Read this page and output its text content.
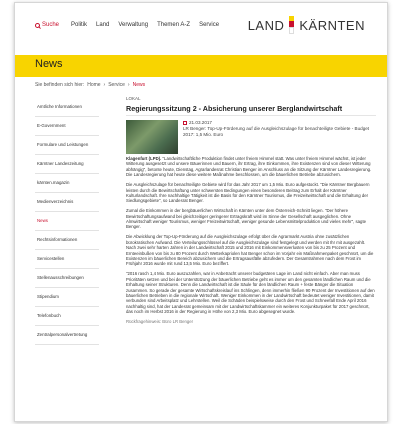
Suche Politik Land Verwaltung Themen A-Z Service LAND KÄRNTEN
News
Sie befinden sich hier: Home › Service › News
Amtliche Informationen
E-Government
Formulare und Leistungen
Kärntner Landeszeitung
kärnten.magazin
Medienverzeichnis
News
Rechtsinformationen
Servicestellen
Stellenausschreibungen
Stipendium
Telefonbuch
Zentralpersonalvertretung
LOKAL
Regierungssitzung 2 - Absicherung unserer Berglandwirtschaft
21.03.2017
LR Benger: Top-Up-Förderung auf die Ausgleichszulage für benachteiligte Gebiete - Budget 2017: 1,5 Mio. Euro

Klagenfurt (LPD). "Landwirtschaftliche Produktion findet unter freiem Himmel statt. Was unter freiem Himmel wächst, ist jeder Witterung ausgesetzt und unsere Bäuerinnen und Bauern, ihr Ertrag, ihre Einkommen, ihre Existenzen sind von dieser Witterung abhängig", betonte heute, Dienstag, Agrarlandesrat Christian Benger im Anschluss an die Sitzung der Kärntner Landesregierung. Die Landesregierung hat heute diese weitere Maßnahme beschlossen, um die bäuerlichen Betriebe abzusichern.

Die Ausgleichszulage für benachteiligte Gebiete wird für das Jahr 2017 um 1,5 Mio. Euro aufgestockt. "Die Kärntner Bergbauern leisten durch die Bewirtschaftung unter schwersten Bedingungen einen besonderen Beitrag zum Erhalt der Kärntner Kulturlandschaft. Ihre nachhaltige Tätigkeit ist die Basis für den Kärntner Tourismus, die Freizeitwirtschaft und die Erhaltung der Siedlungsgebiete", so Landesrat Benger.

Zumal die Einkommen in der bergbäuerlichen Wirtschaft in Kärnten unter dem Österreich-Schnitt liegen. "Der höhere Bewirtschaftungsaufwand bei gleichzeitiger geringerer Ertragskraft wird im Sinne der Gesellschaft ausgeglichen. Ohne Almwirtschaft weniger Tourismus, weniger Freizeitwirtschaft, weniger gesunde Lebensmittelproduktion und vieles mehr", sagte Benger.

Die Abwicklung der Top-Up-Förderung auf die Ausgleichszulage erfolgt über die Agrarmarkt Austria ohne zusätzlichen bürokratischen Aufwand. Die Verteilungsschlüssel auf die Ausgleichszulage sind festgelegt und werden mit Ihr mit ausgezahlt. Nach zwei sehr harten Jahren in der Landwirtschaft 2015 und 2016 mit Einkommensverlusten von bis zu 25 Prozent und Ernteeinbußen von bis zu 80 Prozent durch Wetterkapriolen hat Benger schon im Vorjahr ein Maßnahmenpaket geschnürt, um die Existenzen im bäuerlichen Bereich abzusichern und die Ertragsausfälle abzufedern. Der Gesamtrahmen nach dem Frost im Frühjahr 2016 wurde mit rund 13,5 Mio. Euro beziffert.

"2016 rasch 1,4 Mio. Euro auszuzahlen, war in Anbetracht unserer budgetären Lage im Land nicht einfach. Aber man muss Prioritäten setzen und bei der Unterstützung der bäuerlichen Betriebe geht es immer um den gesamten ländlichen Raum und die Erhaltung seiner Strukturen. Denn die Landwirtschaft ist die Säule für den ländlichen Raum + feste Bänger die Situation zusammen. So gerade der gesamte Wirtschaftskreislauf ins Schlingen, denn immerhin fließen 90 Prozent der Investitionen auf den bäuerlichen Betrieben in die regionale Wirtschaft. Weniger Einkommen in der Landwirtschaft bedeutet weniger Investitionen, damit verbunden sind Arbeitsplatz und Lehrstellen. Weil die Schäden beispielsweise durch den Frost und Schneefall Ende April 2016 nachhaltig sind, hat der Landesrat gemeinsam mit der Landwirtschaftskammer ein weiteres Konjunkturpaket für 2017 geschnürt, das noch im Herbst 2016 in der Regierung in Höhe von 2,3 Mio. Euro abgesegnet wurde.

Rückfragehinweis: Büro LR Benger
